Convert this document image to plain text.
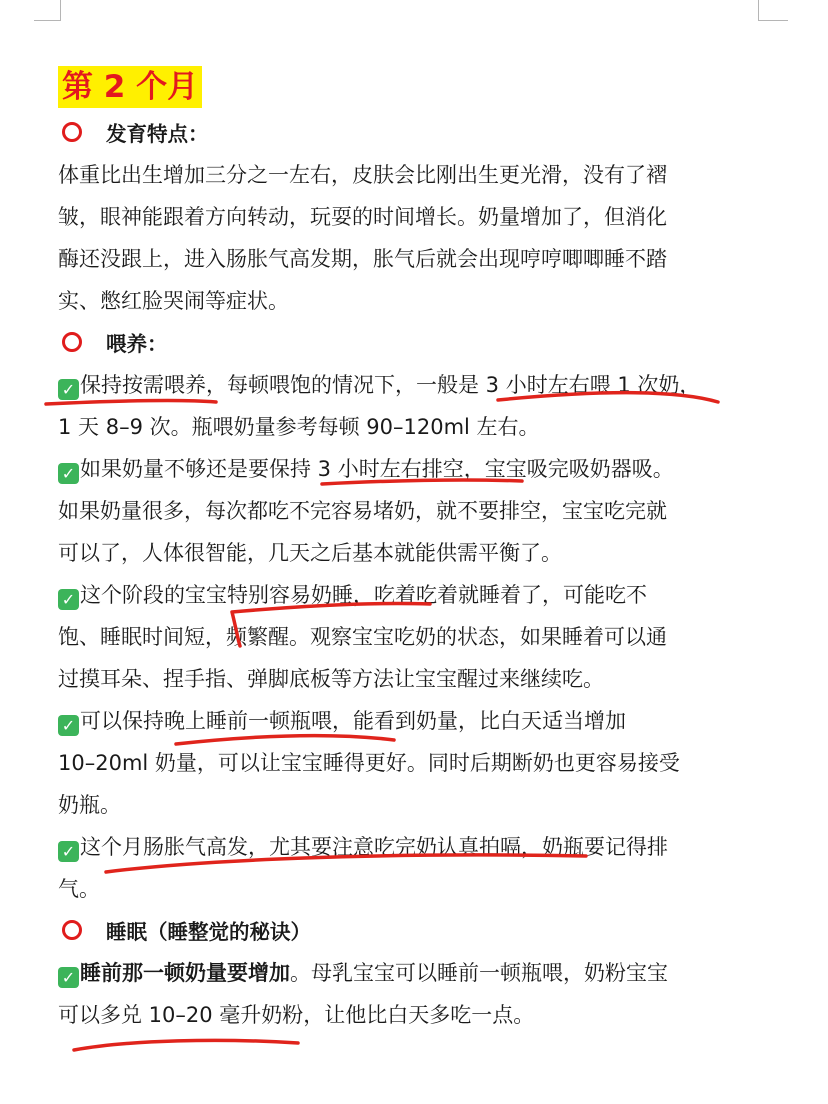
第 2 个月
发育特点：
体重比出生增加三分之一左右，皮肤会比刚出生更光滑，没有了褶
皱，眼神能跟着方向转动，玩耍的时间增长。奶量增加了，但消化
酶还没跟上，进入肠胀气高发期，胀气后就会出现哼哼唧唧睡不踏
实、憋红脸哭闹等症状。
喂养：
✓ 保持按需喂养，每顿喂饱的情况下，一般是 3 小时左右喂 1 次奶，
1 天 8–9 次。瓶喂奶量参考每顿 90–120ml 左右。
✓ 如果奶量不够还是要保持 3 小时左右排空，宝宝吸完吸奶器吸。
如果奶量很多，每次都吃不完容易堵奶，就不要排空，宝宝吃完就
可以了，人体很智能，几天之后基本就能供需平衡了。
✓ 这个阶段的宝宝特别容易奶睡，吃着吃着就睡着了，可能吃不
饱、睡眠时间短，频繁醒。观察宝宝吃奶的状态，如果睡着可以通
过摸耳朵、捏手指、弹脚底板等方法让宝宝醒过来继续吃。
✓ 可以保持晚上睡前一顿瓶喂，能看到奶量，比白天适当增加
10–20ml 奶量，可以让宝宝睡得更好。同时后期断奶也更容易接受
奶瓶。
✓ 这个月肠胀气高发，尤其要注意吃完奶认真拍嗝，奶瓶要记得排
气。
睡眠（睡整觉的秘诀）
✓ 睡前那一顿奶量要增加。母乳宝宝可以睡前一顿瓶喂，奶粉宝宝
可以多兑 10–20 毫升奶粉，让他比白天多吃一点。
